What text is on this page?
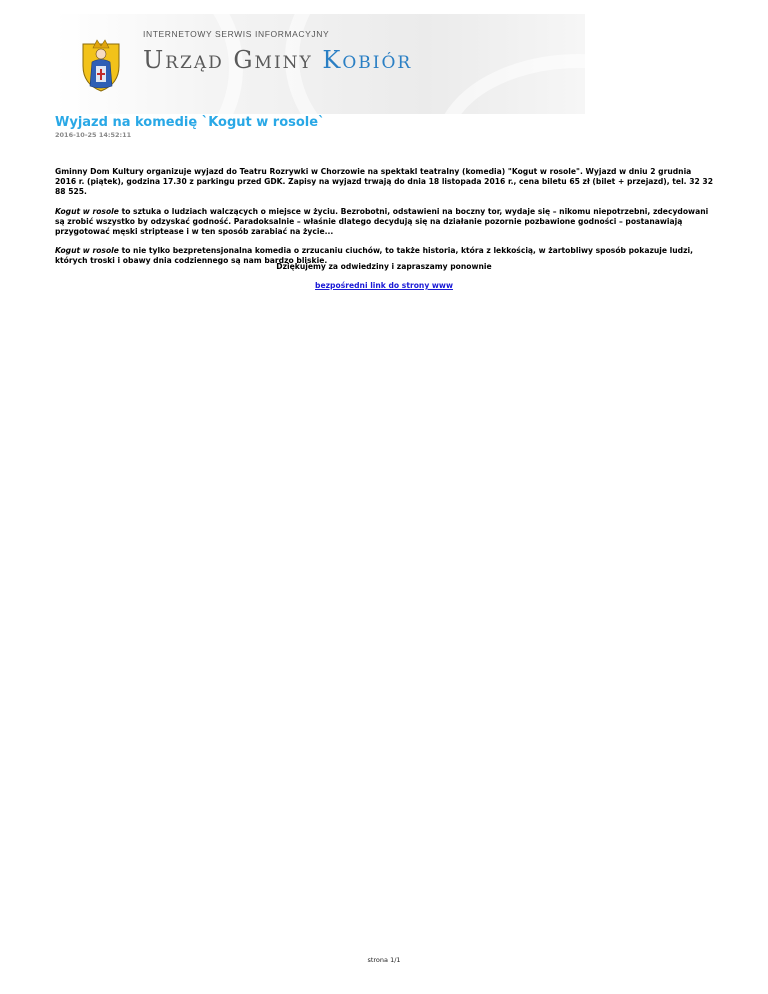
INTERNETOWY SERWIS INFORMACYJNY
Urząd Gminy Kobiór
Wyjazd na komedię `Kogut w rosole`
2016-10-25 14:52:11

Gminny Dom Kultury organizuje wyjazd do Teatru Rozrywki w Chorzowie na spektakl teatralny (komedia) "Kogut w rosole". Wyjazd w dniu 2 grudnia 2016 r. (piątek), godzina 17.30 z parkingu przed GDK. Zapisy na wyjazd trwają do dnia 18 listopada 2016 r., cena biletu 65 zł (bilet + przejazd), tel. 32 32 88 525.

Kogut w rosole to sztuka o ludziach walczących o miejsce w życiu. Bezrobotni, odstawieni na boczny tor, wydaje się – nikomu niepotrzebni, zdecydowani są zrobić wszystko by odzyskać godność. Paradoksalnie – właśnie dlatego decydują się na działanie pozornie pozbawione godności – postanawiają przygotować męski striptease i w ten sposób zarabiać na życie...

Kogut w rosole to nie tylko bezpretensjonalna komedia o zrzucaniu ciuchów, to także historia, która z lekkością, w żartobliwy sposób pokazuje ludzi, których troski i obawy dnia codziennego są nam bardzo bliskie.

Dziękujemy za odwiedziny i zapraszamy ponownie
bezpośredni link do strony www
strona 1/1
